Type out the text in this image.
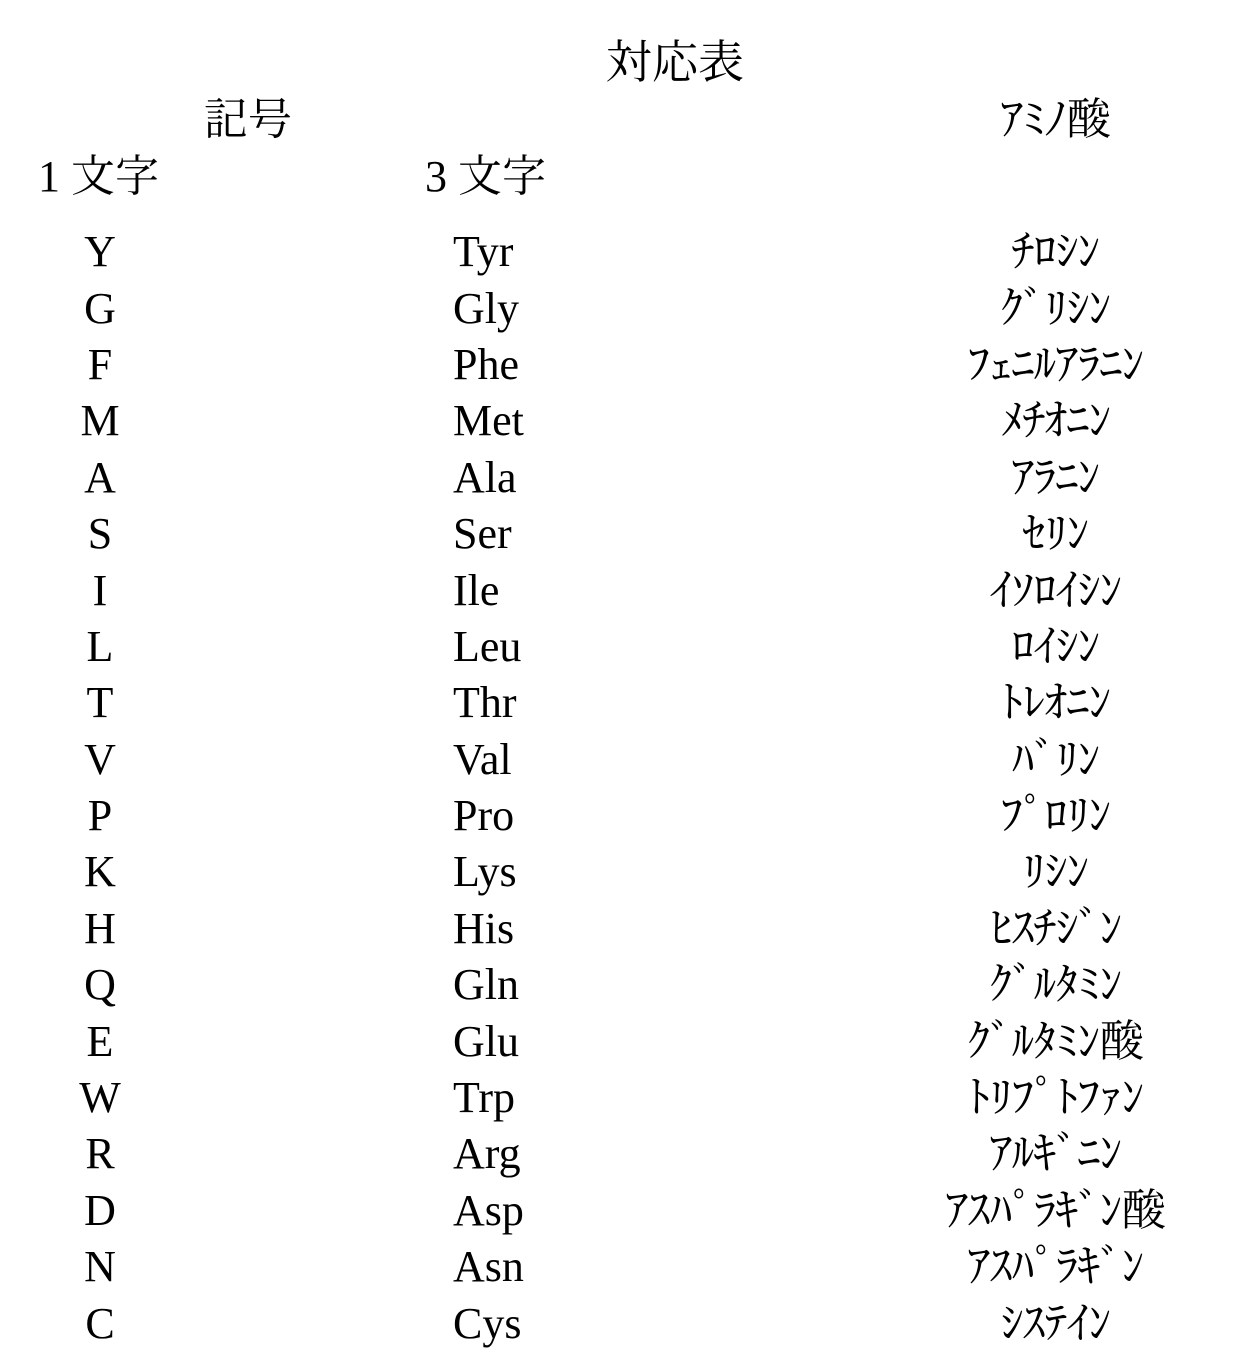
対応表
記号	ｱﾐﾉ酸
1 文字	3 文字
Y	Tyr	ﾁﾛｼﾝ
G	Gly	ｸﾞﾘｼﾝ
F	Phe	ﾌｪﾆﾙｱﾗﾆﾝ
M	Met	ﾒﾁｵﾆﾝ
A	Ala	ｱﾗﾆﾝ
S	Ser	ｾﾘﾝ
I	Ile	ｲｿﾛｲｼﾝ
L	Leu	ﾛｲｼﾝ
T	Thr	ﾄﾚｵﾆﾝ
V	Val	ﾊﾞﾘﾝ
P	Pro	ﾌﾟﾛﾘﾝ
K	Lys	ﾘｼﾝ
H	His	ﾋｽﾁｼﾞﾝ
Q	Gln	ｸﾞﾙﾀﾐﾝ
E	Glu	ｸﾞﾙﾀﾐﾝ酸
W	Trp	ﾄﾘﾌﾟﾄﾌｧﾝ
R	Arg	ｱﾙｷﾞﾆﾝ
D	Asp	ｱｽﾊﾟﾗｷﾞﾝ酸
N	Asn	ｱｽﾊﾟﾗｷﾞﾝ
C	Cys	ｼｽﾃｲﾝ
